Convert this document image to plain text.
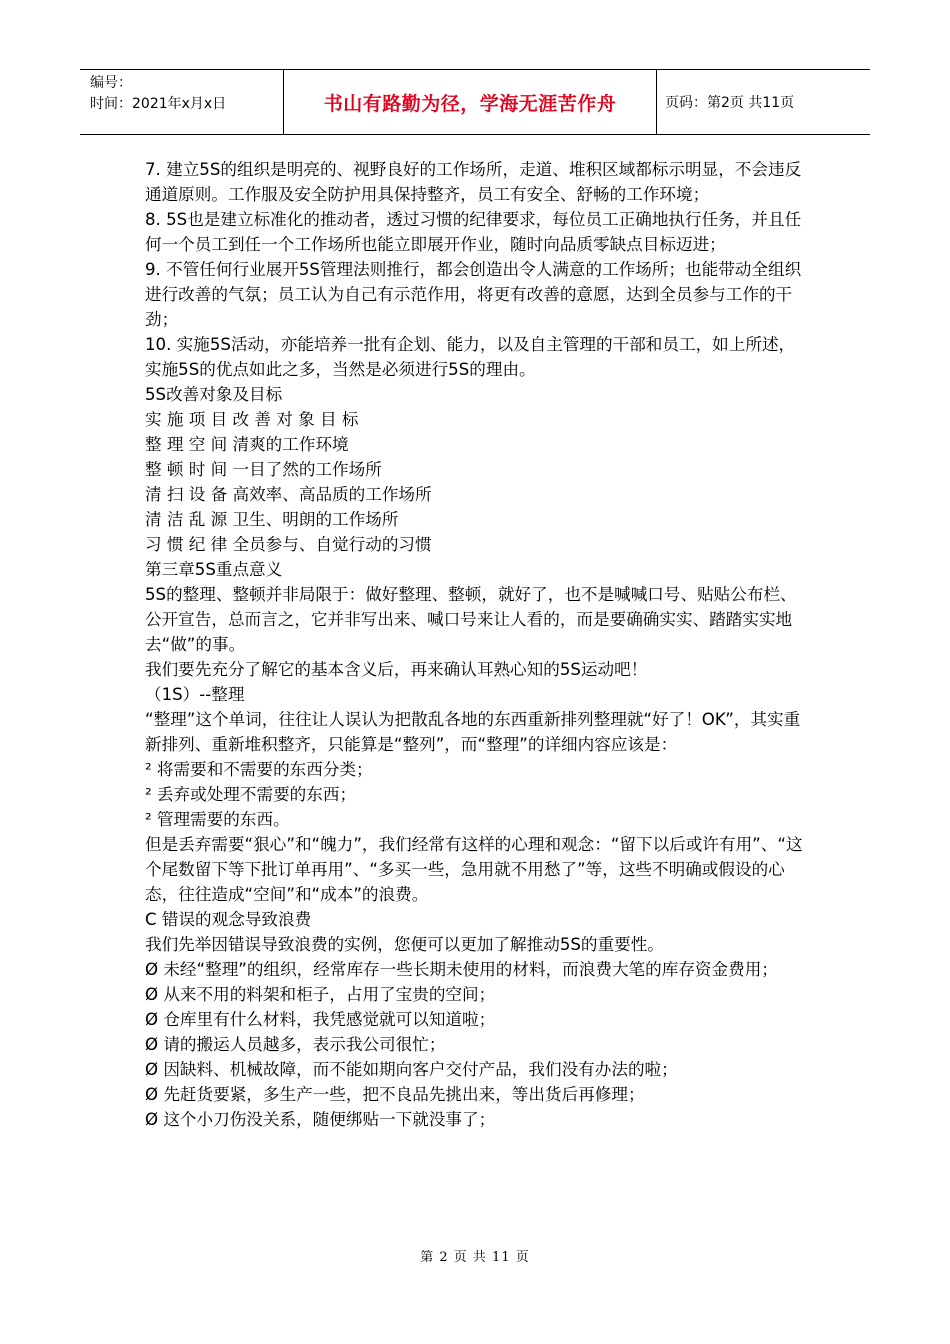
编号：
时间：2021年x月x日	书山有路勤为径，学海无涯苦作舟	页码：第2页 共11页

7. 建立5S的组织是明亮的、视野良好的工作场所，走道、堆积区域都标示明显，不会违反通道原则。工作服及安全防护用具保持整齐，员工有安全、舒畅的工作环境；

8. 5S也是建立标准化的推动者，透过习惯的纪律要求，每位员工正确地执行任务，并且任何一个员工到任一个工作场所也能立即展开作业，随时向品质零缺点目标迈进；

9. 不管任何行业展开5S管理法则推行，都会创造出令人满意的工作场所；也能带动全组织进行改善的气氛；员工认为自己有示范作用，将更有改善的意愿，达到全员参与工作的干劲；

10. 实施5S活动，亦能培养一批有企划、能力，以及自主管理的干部和员工，如上所述，实施5S的优点如此之多，当然是必须进行5S的理由。

5S改善对象及目标

实 施 项 目 改 善 对 象 目 标

整 理 空 间 清爽的工作环境

整 顿 时 间 一目了然的工作场所

清 扫 设 备 高效率、高品质的工作场所

清 洁 乱 源 卫生、明朗的工作场所

习 惯 纪 律 全员参与、自觉行动的习惯

第三章5S重点意义

5S的整理、整顿并非局限于：做好整理、整顿，就好了，也不是喊喊口号、贴贴公布栏、公开宣告，总而言之，它并非写出来、喊口号来让人看的，而是要确确实实、踏踏实实地去“做”的事。

我们要先充分了解它的基本含义后，再来确认耳熟心知的5S运动吧！

（1S）--整理

“整理”这个单词，往往让人误认为把散乱各地的东西重新排列整理就“好了！OK”，其实重新排列、重新堆积整齐，只能算是“整列”，而“整理”的详细内容应该是：

² 将需要和不需要的东西分类；

² 丢弃或处理不需要的东西；

² 管理需要的东西。

但是丢弃需要“狠心”和“魄力”，我们经常有这样的心理和观念：“留下以后或许有用”、“这个尾数留下等下批订单再用”、“多买一些，急用就不用愁了”等，这些不明确或假设的心态，往往造成“空间”和“成本”的浪费。

C 错误的观念导致浪费

我们先举因错误导致浪费的实例，您便可以更加了解推动5S的重要性。

Ø 未经“整理”的组织，经常库存一些长期未使用的材料，而浪费大笔的库存资金费用；

Ø 从来不用的料架和柜子，占用了宝贵的空间；

Ø 仓库里有什么材料，我凭感觉就可以知道啦；

Ø 请的搬运人员越多，表示我公司很忙；

Ø 因缺料、机械故障，而不能如期向客户交付产品，我们没有办法的啦；

Ø 先赶货要紧，多生产一些，把不良品先挑出来，等出货后再修理；

Ø 这个小刀伤没关系，随便绑贴一下就没事了；

第 2 页 共 11 页
